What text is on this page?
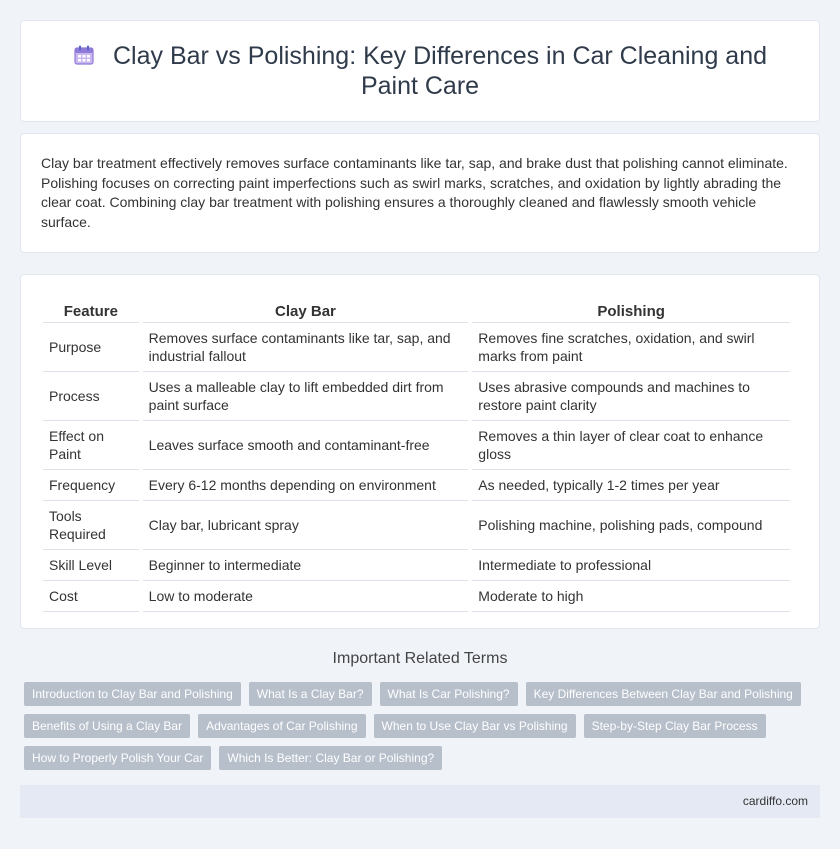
Clay Bar vs Polishing: Key Differences in Car Cleaning and Paint Care

Clay bar treatment effectively removes surface contaminants like tar, sap, and brake dust that polishing cannot eliminate. Polishing focuses on correcting paint imperfections such as swirl marks, scratches, and oxidation by lightly abrading the clear coat. Combining clay bar treatment with polishing ensures a thoroughly cleaned and flawlessly smooth vehicle surface.

Feature	Clay Bar	Polishing
Purpose	Removes surface contaminants like tar, sap, and industrial fallout	Removes fine scratches, oxidation, and swirl marks from paint
Process	Uses a malleable clay to lift embedded dirt from paint surface	Uses abrasive compounds and machines to restore paint clarity
Effect on Paint	Leaves surface smooth and contaminant-free	Removes a thin layer of clear coat to enhance gloss
Frequency	Every 6-12 months depending on environment	As needed, typically 1-2 times per year
Tools Required	Clay bar, lubricant spray	Polishing machine, polishing pads, compound
Skill Level	Beginner to intermediate	Intermediate to professional
Cost	Low to moderate	Moderate to high
Important Related Terms
Introduction to Clay Bar and Polishing	What Is a Clay Bar?	What Is Car Polishing?	Key Differences Between Clay Bar and Polishing
Benefits of Using a Clay Bar	Advantages of Car Polishing	When to Use Clay Bar vs Polishing	Step-by-Step Clay Bar Process
How to Properly Polish Your Car	Which Is Better: Clay Bar or Polishing?
cardiffo.com
